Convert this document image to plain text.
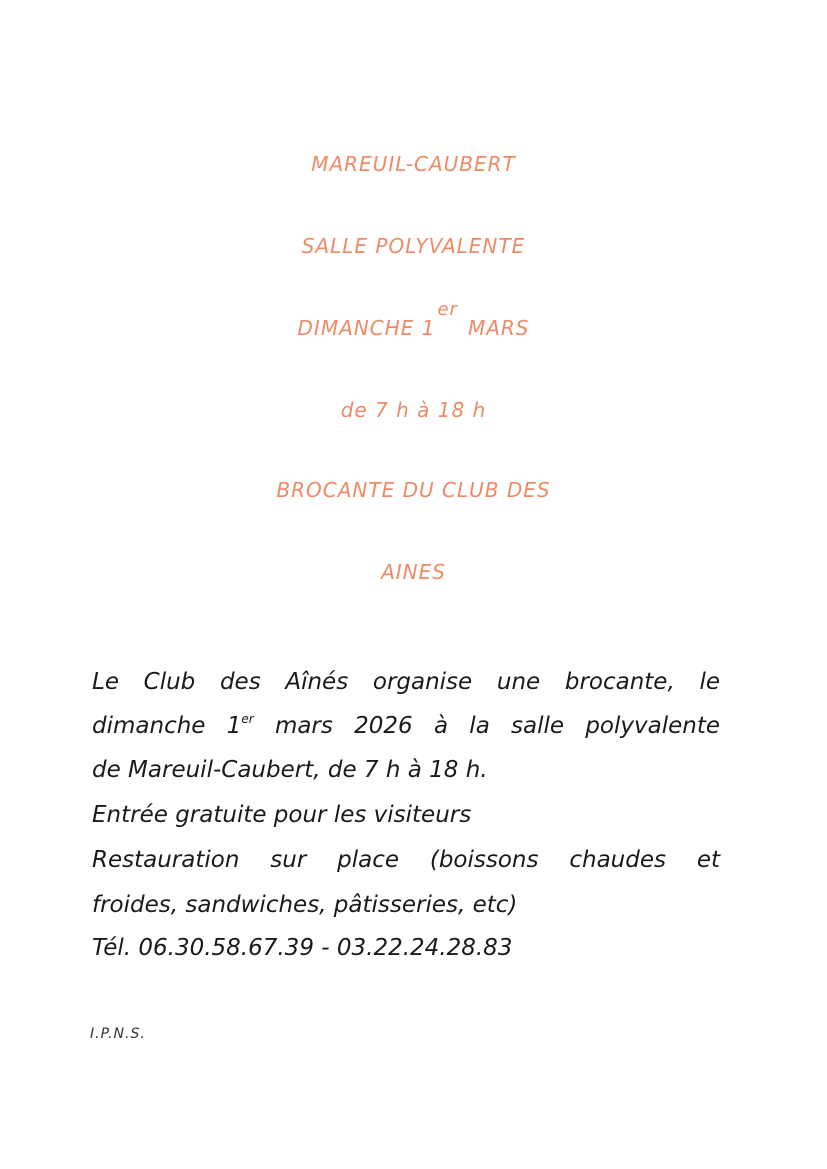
MAREUIL-CAUBERT
SALLE POLYVALENTE
DIMANCHE 1erMARS
de 7 h à 18 h
BROCANTE DU CLUB DES
AINES
Le Club des Aînés organise une brocante, le
dimanche 1er mars 2026 à la salle polyvalente
de Mareuil-Caubert, de 7 h à 18 h.
Entrée gratuite pour les visiteurs
Restauration sur place (boissons chaudes et
froides, sandwiches, pâtisseries, etc)
Tél. 06.30.58.67.39 - 03.22.24.28.83
I.P.N.S.
